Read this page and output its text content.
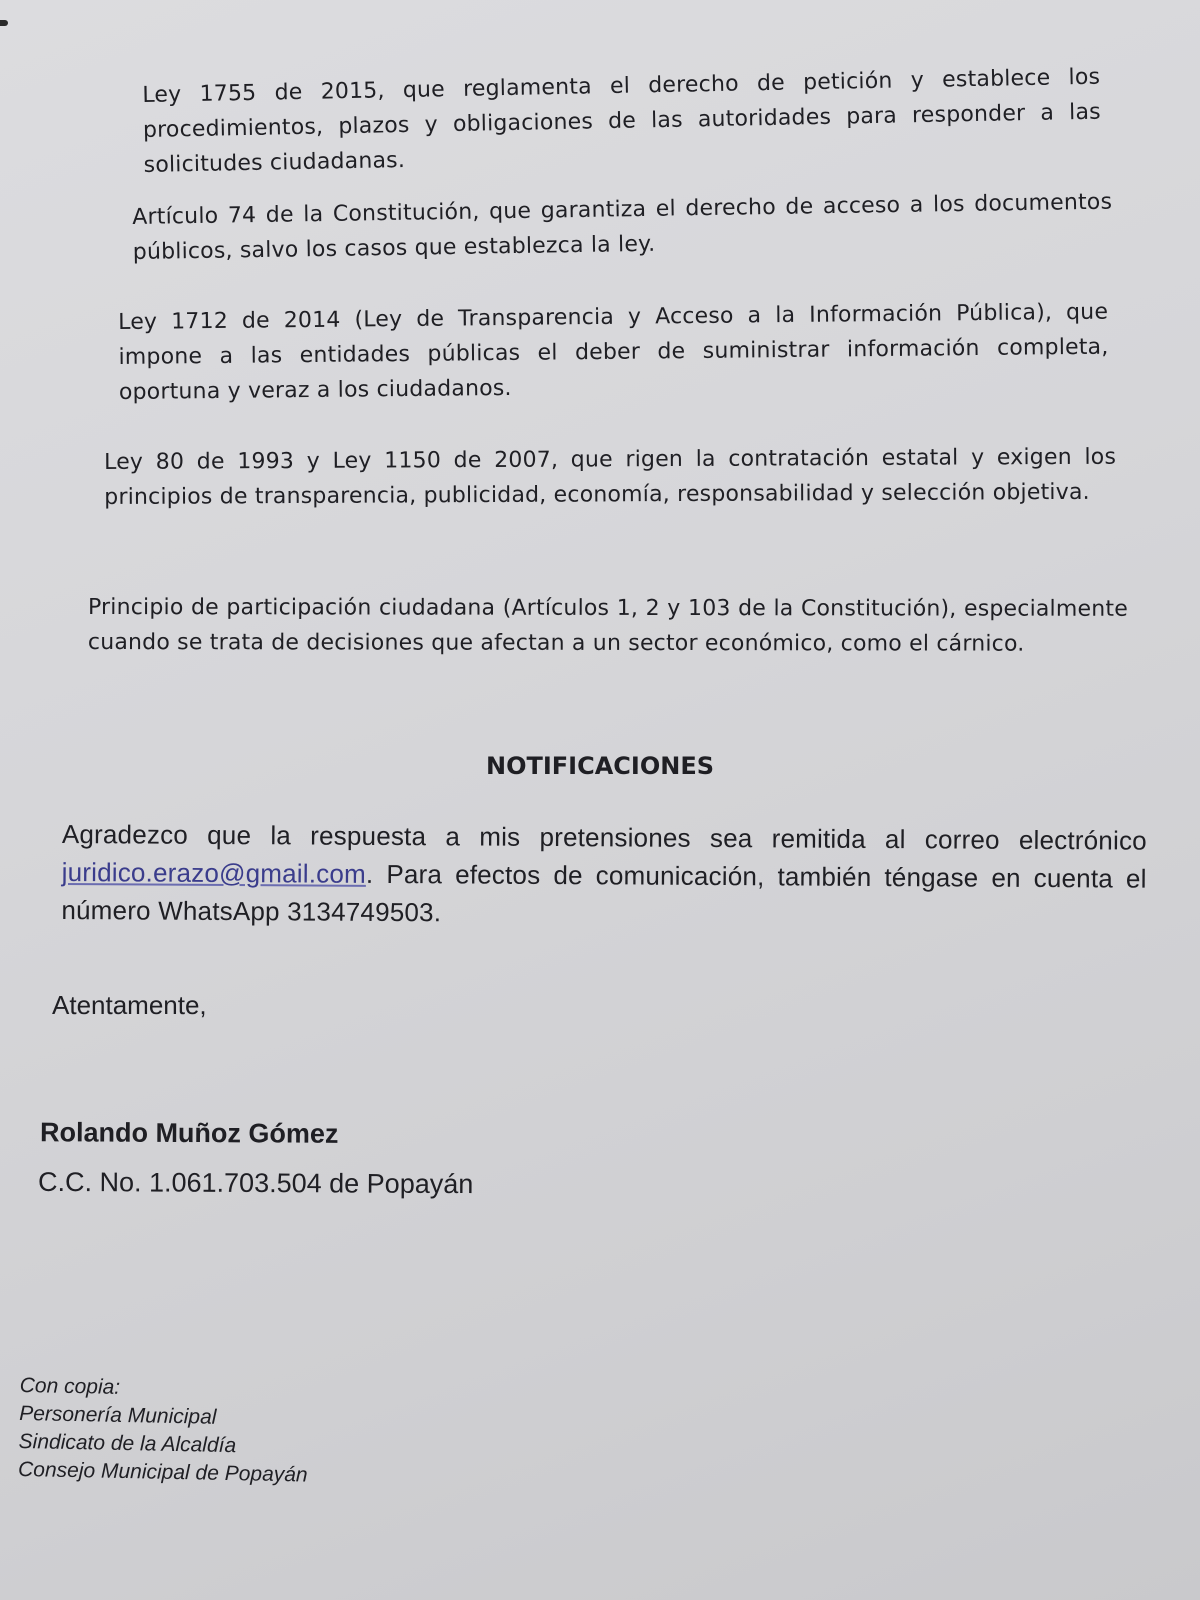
Ley 1755 de 2015, que reglamenta el derecho de petición y establece los procedimientos, plazos y obligaciones de las autoridades para responder a las solicitudes ciudadanas.
Artículo 74 de la Constitución, que garantiza el derecho de acceso a los documentos públicos, salvo los casos que establezca la ley.
Ley 1712 de 2014 (Ley de Transparencia y Acceso a la Información Pública), que impone a las entidades públicas el deber de suministrar información completa, oportuna y veraz a los ciudadanos.
Ley 80 de 1993 y Ley 1150 de 2007, que rigen la contratación estatal y exigen los principios de transparencia, publicidad, economía, responsabilidad y selección objetiva.
Principio de participación ciudadana (Artículos 1, 2 y 103 de la Constitución), especialmente cuando se trata de decisiones que afectan a un sector económico, como el cárnico.
NOTIFICACIONES
Agradezco que la respuesta a mis pretensiones sea remitida al correo electrónico juridico.erazo@gmail.com. Para efectos de comunicación, también téngase en cuenta el número WhatsApp 3134749503.
Atentamente,
Rolando Muñoz Gómez
C.C. No. 1.061.703.504 de Popayán
Con copia:
Personería Municipal
Sindicato de la Alcaldía
Consejo Municipal de Popayán
